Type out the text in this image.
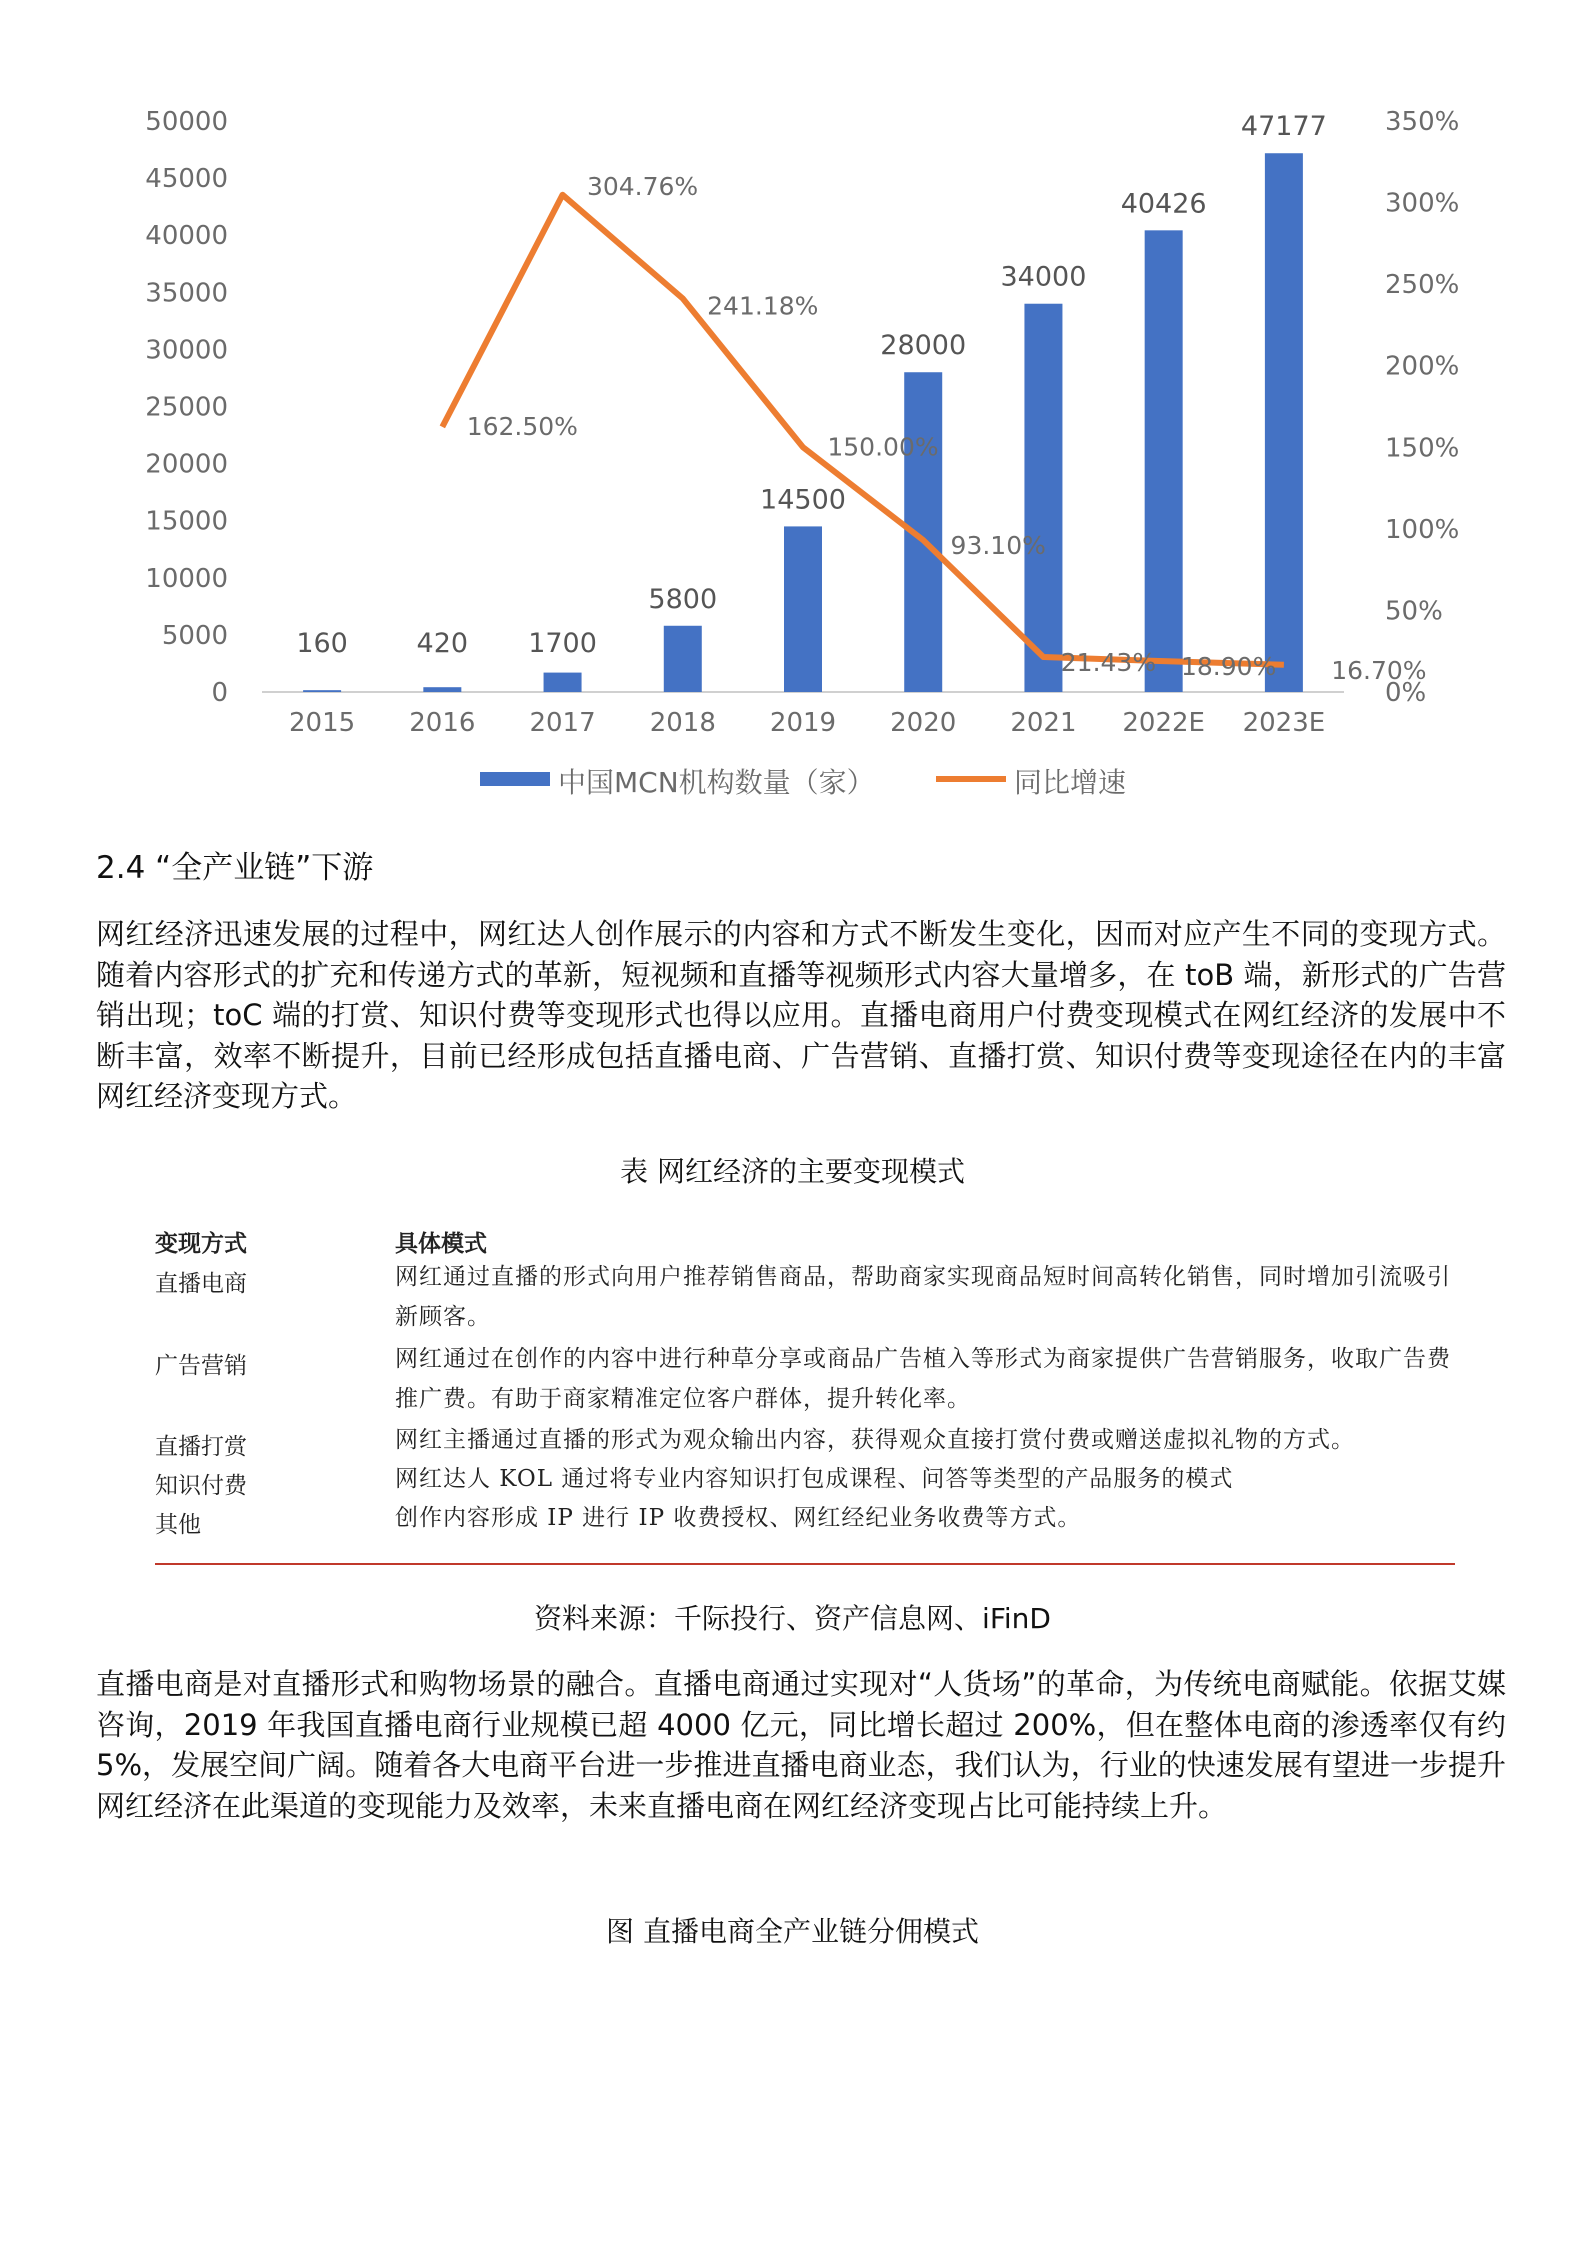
0
5000
10000
15000
20000
25000
30000
35000
40000
45000
50000
0%
50%
100%
150%
200%
250%
300%
350%
160	420 1700
5800
14500
28000
34000
40426
47177
2015 2016 2017 2018 2019 2020 2021 2022E 2023E
162.50%
304.76%
241.18%
150.00%
93.10%
21.43% 18.90% 16.70%
中国MCN机构数量（家）	同比增速
2.4 “全产业链”下游

网红经济迅速发展的过程中，网红达人创作展示的内容和方式不断发生变化，因而对应产生不同的变现方式。随着内容形式的扩充和传递方式的革新，短视频和直播等视频形式内容大量增多，在 toB 端，新形式的广告营销出现；toC 端的打赏、知识付费等变现形式也得以应用。直播电商用户付费变现模式在网红经济的发展中不断丰富，效率不断提升，目前已经形成包括直播电商、广告营销、直播打赏、知识付费等变现途径在内的丰富网红经济变现方式。

表 网红经济的主要变现模式
变现方式	具体模式
直播电商	网红通过直播的形式向用户推荐销售商品，帮助商家实现商品短时间高转化销售，同时增加引流吸引新顾客。
广告营销	网红通过在创作的内容中进行种草分享或商品广告植入等形式为商家提供广告营销服务，收取广告费推广费。有助于商家精准定位客户群体，提升转化率。
直播打赏	网红主播通过直播的形式为观众输出内容，获得观众直接打赏付费或赠送虚拟礼物的方式。
知识付费	网红达人 KOL 通过将专业内容知识打包成课程、问答等类型的产品服务的模式
其他	创作内容形成 IP 进行 IP 收费授权、网红经纪业务收费等方式。
资料来源：千际投行、资产信息网、iFinD

直播电商是对直播形式和购物场景的融合。直播电商通过实现对“人货场”的革命，为传统电商赋能。依据艾媒咨询，2019 年我国直播电商行业规模已超 4000 亿元，同比增长超过 200%，但在整体电商的渗透率仅有约 5%，发展空间广阔。随着各大电商平台进一步推进直播电商业态，我们认为，行业的快速发展有望进一步提升网红经济在此渠道的变现能力及效率，未来直播电商在网红经济变现占比可能持续上升。

图 直播电商全产业链分佣模式
